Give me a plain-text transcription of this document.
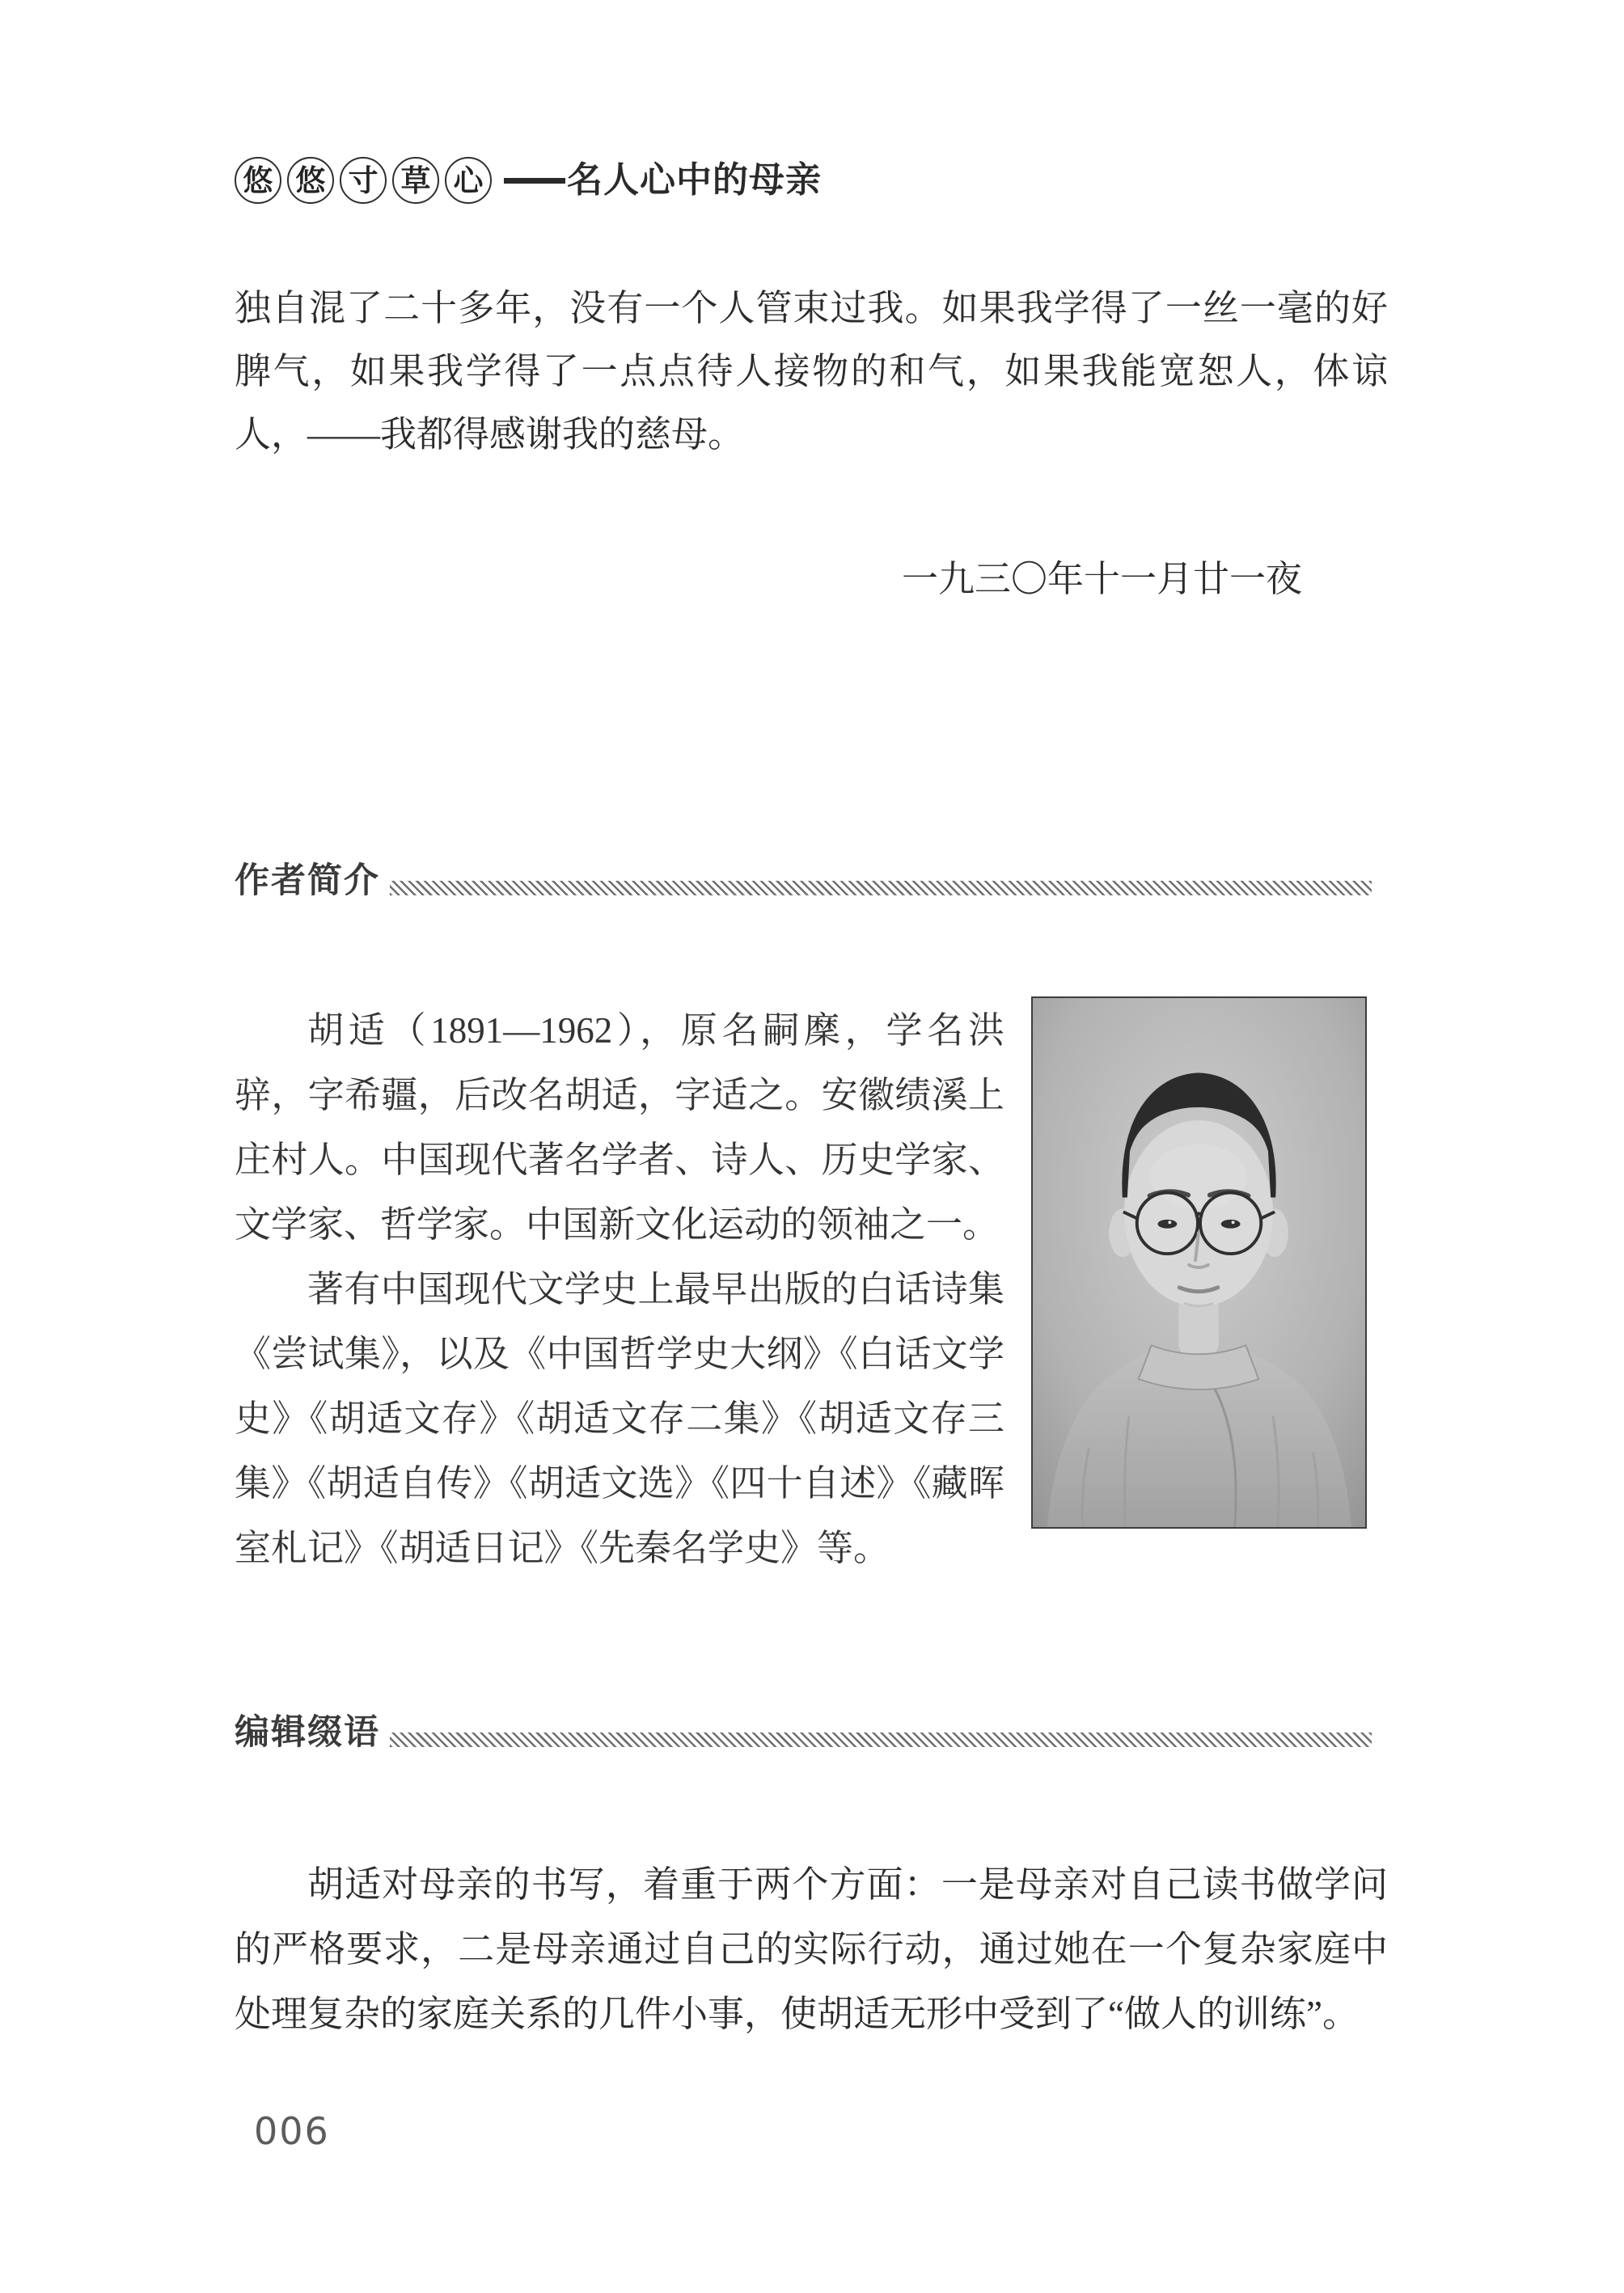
悠 悠 寸 草 心 名人心中的母亲

独自混了二十多年，没有一个人管束过我。如果我学得了一丝一毫的好脾气，如果我学得了一点点待人接物的和气，如果我能宽恕人，体谅人，——我都得感谢我的慈母。

一九三〇年十一月廿一夜
作者简介

胡适（1891—1962），原名嗣穈，学名洪骍，字希疆，后改名胡适，字适之。安徽绩溪上庄村人。中国现代著名学者、诗人、历史学家、文学家、哲学家。中国新文化运动的领袖之一。

著有中国现代文学史上最早出版的白话诗集《尝试集》，以及《中国哲学史大纲》《白话文学史》《胡适文存》《胡适文存二集》《胡适文存三集》《胡适自传》《胡适文选》《四十自述》《藏晖室札记》《胡适日记》《先秦名学史》等。

编辑缀语

胡适对母亲的书写，着重于两个方面：一是母亲对自己读书做学问的严格要求，二是母亲通过自己的实际行动，通过她在一个复杂家庭中处理复杂的家庭关系的几件小事，使胡适无形中受到了“做人的训练”。

006
